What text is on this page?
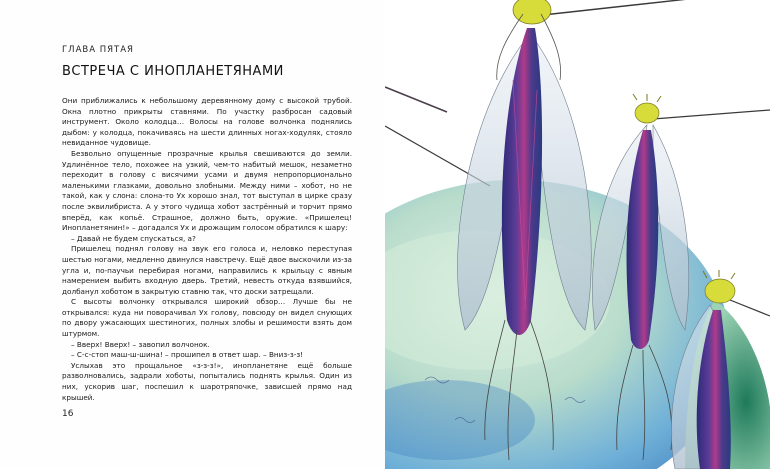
ГЛАВА ПЯТАЯ
ВСТРЕЧА С ИНОПЛАНЕТЯНАМИ

Они приближались к небольшому деревянному дому с высокой трубой. Окна плотно прикрыты ставнями. По участку разбросан садовый инструмент. Около колодца… Волосы на голове волчонка поднялись дыбом: у колодца, покачиваясь на шести длинных ногах-ходулях, стояло невиданное чудовище.

Безвольно опущенные прозрачные крылья свешиваются до земли. Удлинённое тело, похожее на узкий, чем-то набитый мешок, незаметно переходит в голову с висячими усами и двумя непропорционально маленькими глазками, довольно злобными. Между ними – хобот, но не такой, как у слона: слона-то Ух хорошо знал, тот выступал в цирке сразу после эквилибриста. А у этого чудища хобот застрённый и торчит прямо вперёд, как копьё. Страшное, должно быть, оружие. «Пришелец! Инопланетянин!» – догадался Ух и дрожащим голосом обратился к шару:

– Давай не будем спускаться, а?

Пришелец поднял голову на звук его голоса и, неловко переступая шестью ногами, медленно двинулся навстречу. Ещё двое выскочили из-за угла и, по-паучьи перебирая ногами, направились к крыльцу с явным намерением выбить входную дверь. Третий, невесть откуда взявшийся, долбанул хоботом в закрытую ставню так, что доски затрещали.

С высоты волчонку открывался широкий обзор… Лучше бы не открывался: куда ни поворачивал Ух голову, повсюду он видел снующих по двору ужасающих шестиногих, полных злобы и решимости взять дом штурмом.

– Вверх! Вверх! – завопил волчонок.

– С-с-стоп маш-ш-шина! – прошипел в ответ шар. – Вниз-з-з!

Услыхав это прощальное «з-з-з!», инопланетяне ещё больше разволновались, задрали хоботы, попытались поднять крылья. Один из них, ускорив шаг, поспешил к шаротряпочке, зависшей прямо над крышей.

16
